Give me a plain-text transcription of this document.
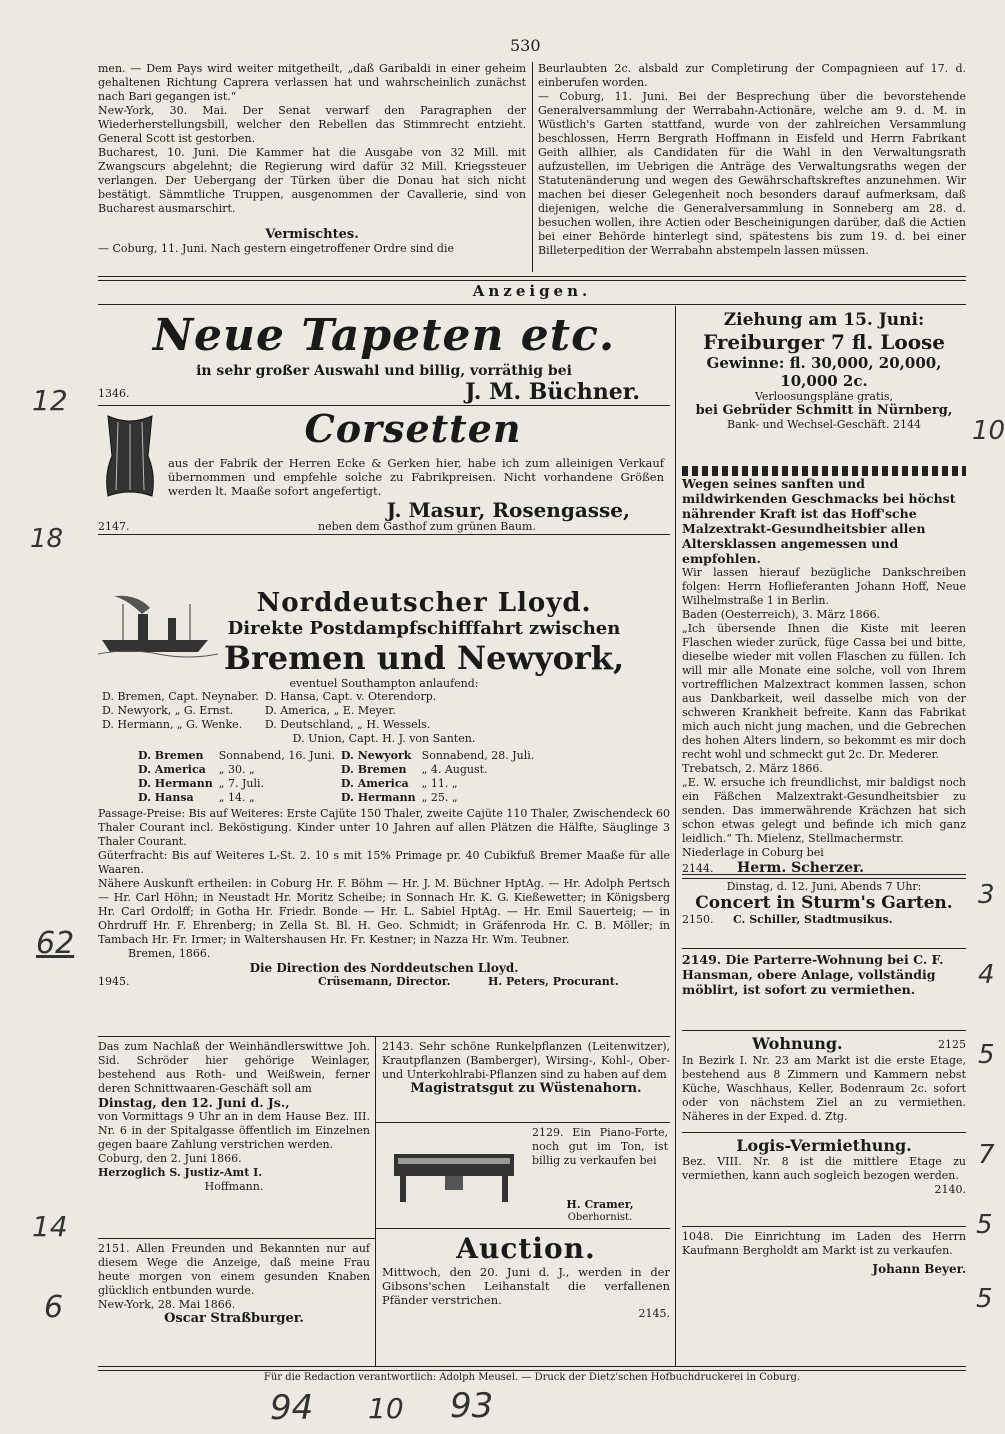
530
men. — Dem Pays wird weiter mitgetheilt, „daß Garibaldi in einer geheim gehaltenen Richtung Caprera verlassen hat und wahrscheinlich zunächst nach Bari gegangen ist.“
New-York, 30. Mai. Der Senat verwarf den Paragraphen der Wiederherstellungsbill, welcher den Rebellen das Stimmrecht entzieht. General Scott ist gestorben.
Bucharest, 10. Juni. Die Kammer hat die Ausgabe von 32 Mill. mit Zwangscurs abgelehnt; die Regierung wird dafür 32 Mill. Kriegssteuer verlangen. Der Uebergang der Türken über die Donau hat sich nicht bestätigt. Sämmtliche Truppen, ausgenommen der Cavallerie, sind von Bucharest ausmarschirt.
Vermischtes.
— Coburg, 11. Juni. Nach gestern eingetroffener Ordre sind die
Beurlaubten 2c. alsbald zur Completirung der Compagnieen auf 17. d. einberufen worden.
— Coburg, 11. Juni. Bei der Besprechung über die bevorstehende Generalversammlung der Werrabahn-Actionäre, welche am 9. d. M. in Wüstlich's Garten stattfand, wurde von der zahlreichen Versammlung beschlossen, Herrn Bergrath Hoffmann in Eisfeld und Herrn Fabrikant Geith allhier, als Candidaten für die Wahl in den Verwaltungsrath aufzustellen, im Uebrigen die Anträge des Verwaltungsraths wegen der Statutenänderung und wegen des Gewährschaftskreftes anzunehmen. Wir machen bei dieser Gelegenheit noch besonders darauf aufmerksam, daß diejenigen, welche die Generalversammlung in Sonneberg am 28. d. besuchen wollen, ihre Actien oder Bescheinigungen darüber, daß die Actien bei einer Behörde hinterlegt sind, spätestens bis zum 19. d. bei einer Billeterpedition der Werrabahn abstempeln lassen müssen.
Anzeigen.
Neue Tapeten etc.
in sehr großer Auswahl und billig, vorräthig bei
1346.	J. M. Büchner.
Corsetten
aus der Fabrik der Herren Ecke & Gerken hier, habe ich zum alleinigen Verkauf übernommen und empfehle solche zu Fabrikpreisen. Nicht vorhandene Größen werden lt. Maaße sofort angefertigt.
J. Masur, Rosengasse,
2147.	neben dem Gasthof zum grünen Baum.
Norddeutscher Lloyd.
Direkte Postdampfschifffahrt zwischen
Bremen und Newyork,
eventuel Southampton anlaufend:
D. Bremen, Capt. Neynaber.	D. Hansa, Capt. v. Oterendorp.
D. Newyork, „ G. Ernst.	D. America, „ E. Meyer.
D. Hermann, „ G. Wenke.	D. Deutschland, „ H. Wessels.
D. Union, Capt. H. J. von Santen.
D. Bremen	Sonnabend, 16. Juni.	D. Newyork	Sonnabend, 28. Juli.
D. America	„ 30. „	D. Bremen	„ 4. August.
D. Hermann	„ 7. Juli.	D. America	„ 11. „
D. Hansa	„ 14. „	D. Hermann	„ 25. „
Passage-Preise: Bis auf Weiteres: Erste Cajüte 150 Thaler, zweite Cajüte 110 Thaler, Zwischendeck 60 Thaler Courant incl. Beköstigung. Kinder unter 10 Jahren auf allen Plätzen die Hälfte, Säuglinge 3 Thaler Courant.
Güterfracht: Bis auf Weiteres L-St. 2. 10 s mit 15% Primage pr. 40 Cubikfuß Bremer Maaße für alle Waaren.
Nähere Auskunft ertheilen: in Coburg Hr. F. Böhm — Hr. J. M. Büchner HptAg. — Hr. Adolph Pertsch — Hr. Carl Höhn; in Neustadt Hr. Moritz Scheibe; in Sonnach Hr. K. G. Kießewetter; in Königsberg Hr. Carl Ordolff; in Gotha Hr. Friedr. Bonde — Hr. L. Sabiel HptAg. — Hr. Emil Sauerteig; — in Ohrdruff Hr. F. Ehrenberg; in Zella St. Bl. H. Geo. Schmidt; in Gräfenroda Hr. C. B. Möller; in Tambach Hr. Fr. Irmer; in Waltershausen Hr. Fr. Kestner; in Nazza Hr. Wm. Teubner.
Bremen, 1866.
Die Direction des Norddeutschen Lloyd.
1945.	Crüsemann, Director.	H. Peters, Procurant.
Das zum Nachlaß der Weinhändlerswittwe Joh. Sid. Schröder hier gehörige Weinlager, bestehend aus Roth- und Weißwein, ferner deren Schnittwaaren-Geschäft soll am
Dinstag, den 12. Juni d. Js.,
von Vormittags 9 Uhr an in dem Hause Bez. III. Nr. 6 in der Spitalgasse öffentlich im Einzelnen gegen baare Zahlung verstrichen werden.
Coburg, den 2. Juni 1866.
Herzoglich S. Justiz-Amt I.
Hoffmann.
2151. Allen Freunden und Bekannten nur auf diesem Wege die Anzeige, daß meine Frau heute morgen von einem gesunden Knaben glücklich entbunden wurde.
New-York, 28. Mai 1866.
Oscar Straßburger.
2143. Sehr schöne Runkelpflanzen (Leitenwitzer), Krautpflanzen (Bamberger), Wirsing-, Kohl-, Ober- und Unterkohlrabi-Pflanzen sind zu haben auf dem
Magistratsgut zu Wüstenahorn.
2129. Ein Piano-Forte, noch gut im Ton, ist billig zu verkaufen bei
H. Cramer,
Oberhornist.
Auction.
Mittwoch, den 20. Juni d. J., werden in der Gibsons'schen Leihanstalt die verfallenen Pfänder verstrichen.
2145.
Ziehung am 15. Juni:
Freiburger 7 fl. Loose
Gewinne: fl. 30,000, 20,000,
10,000 2c.
Verloosungspläne gratis,
bei Gebrüder Schmitt in Nürnberg,
Bank- und Wechsel-Geschäft. 2144
Wegen seines sanften und mildwirkenden Geschmacks bei höchst nährender Kraft ist das Hoff'sche Malzextrakt-Gesundheitsbier allen Altersklassen angemessen und empfohlen.
Wir lassen hierauf bezügliche Dankschreiben folgen: Herrn Hoflieferanten Johann Hoff, Neue Wilhelmstraße 1 in Berlin.
Baden (Oesterreich), 3. März 1866.
„Ich übersende Ihnen die Kiste mit leeren Flaschen wieder zurück, füge Cassa bei und bitte, dieselbe wieder mit vollen Flaschen zu füllen. Ich will mir alle Monate eine solche, voll von Ihrem vortrefflichen Malzextract kommen lassen, schon aus Dankbarkeit, weil dasselbe mich von der schweren Krankheit befreite. Kann das Fabrikat mich auch nicht jung machen, und die Gebrechen des hohen Alters lindern, so bekommt es mir doch recht wohl und schmeckt gut 2c. Dr. Mederer.
Trebatsch, 2. März 1866.
„E. W. ersuche ich freundlichst, mir baldigst noch ein Fäßchen Malzextrakt-Gesundheitsbier zu senden. Das immerwährende Krächzen hat sich schon etwas gelegt und befinde ich mich ganz leidlich.“ Th. Mielenz, Stellmachermstr.
Niederlage in Coburg bei
2144. Herm. Scherzer.
Dinstag, d. 12. Juni, Abends 7 Uhr:
Concert in Sturm's Garten.
2150. C. Schiller, Stadtmusikus.
2149. Die Parterre-Wohnung bei C. F. Hansman, obere Anlage, vollständig möblirt, ist sofort zu vermiethen.
Wohnung.	2125
In Bezirk I. Nr. 23 am Markt ist die erste Etage, bestehend aus 8 Zimmern und Kammern nebst Küche, Waschhaus, Keller, Bodenraum 2c. sofort oder von nächstem Ziel an zu vermiethen. Näheres in der Exped. d. Ztg.
Logis-Vermiethung.
Bez. VIII. Nr. 8 ist die mittlere Etage zu vermiethen, kann auch sogleich bezogen werden.
2140.
1048. Die Einrichtung im Laden des Herrn Kaufmann Bergholdt am Markt ist zu verkaufen.
Johann Beyer.
Für die Redaction verantwortlich: Adolph Meusel. — Druck der Dietz'schen Hofbuchdruckerei in Coburg.
12
18
62
14
6
10
3
4
5
7
5
5
94 10 93
